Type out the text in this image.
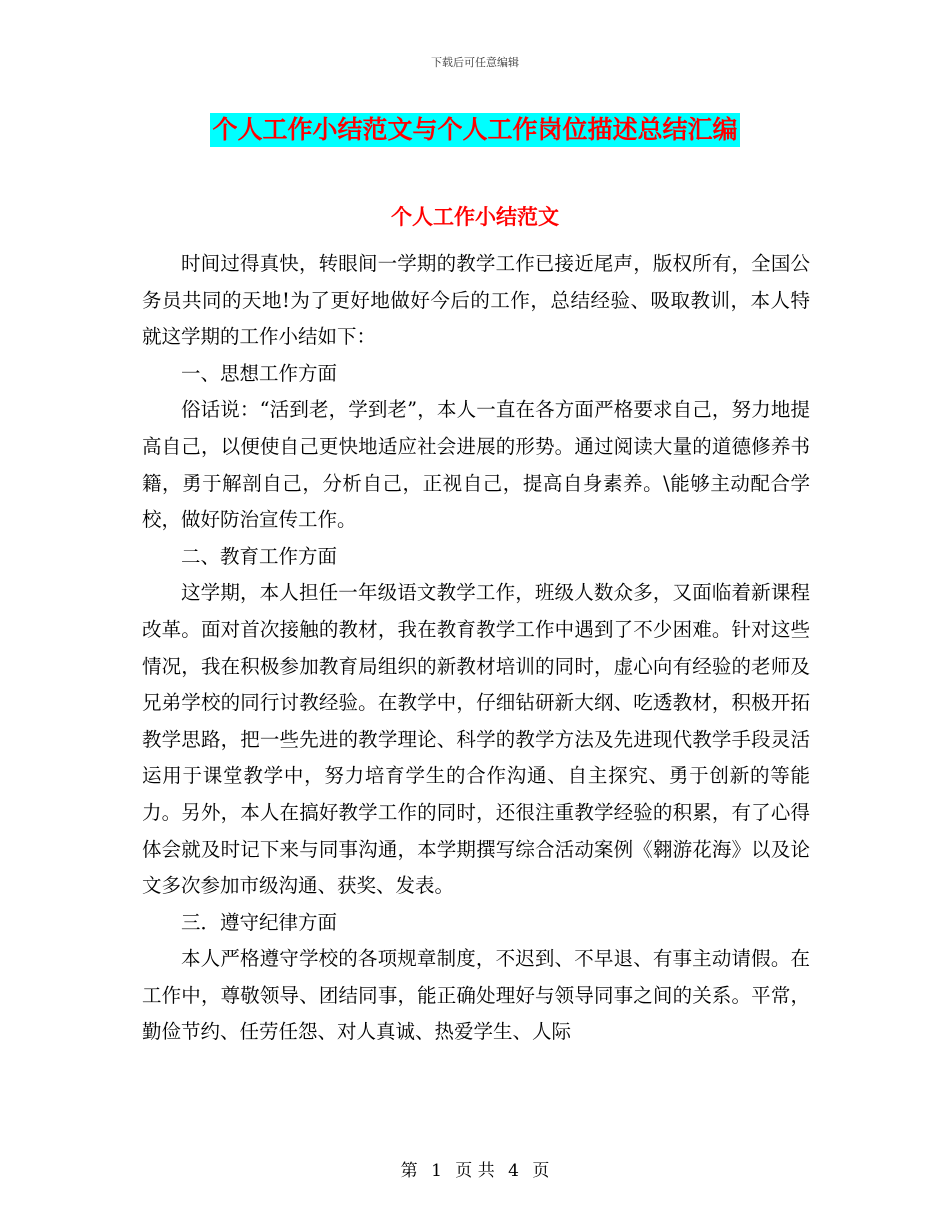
下载后可任意编辑
个人工作小结范文与个人工作岗位描述总结汇编
个人工作小结范文

时间过得真快，转眼间一学期的教学工作已接近尾声，版权所有，全国公务员共同的天地!为了更好地做好今后的工作，总结经验、吸取教训，本人特就这学期的工作小结如下：

一、思想工作方面

俗话说：“活到老，学到老”，本人一直在各方面严格要求自己，努力地提高自己，以便使自己更快地适应社会进展的形势。通过阅读大量的道德修养书籍，勇于解剖自己，分析自己，正视自己，提高自身素养。\能够主动配合学校，做好防治宣传工作。

二、教育工作方面

这学期，本人担任一年级语文教学工作，班级人数众多，又面临着新课程改革。面对首次接触的教材，我在教育教学工作中遇到了不少困难。针对这些情况，我在积极参加教育局组织的新教材培训的同时，虚心向有经验的老师及兄弟学校的同行讨教经验。在教学中，仔细钻研新大纲、吃透教材，积极开拓教学思路，把一些先进的教学理论、科学的教学方法及先进现代教学手段灵活运用于课堂教学中，努力培育学生的合作沟通、自主探究、勇于创新的等能力。另外，本人在搞好教学工作的同时，还很注重教学经验的积累，有了心得体会就及时记下来与同事沟通，本学期撰写综合活动案例《翱游花海》以及论文多次参加市级沟通、获奖、发表。

三．遵守纪律方面

本人严格遵守学校的各项规章制度，不迟到、不早退、有事主动请假。在工作中，尊敬领导、团结同事，能正确处理好与领导同事之间的关系。平常，勤俭节约、任劳任怨、对人真诚、热爱学生、人际

第 1 页 共 4 页
